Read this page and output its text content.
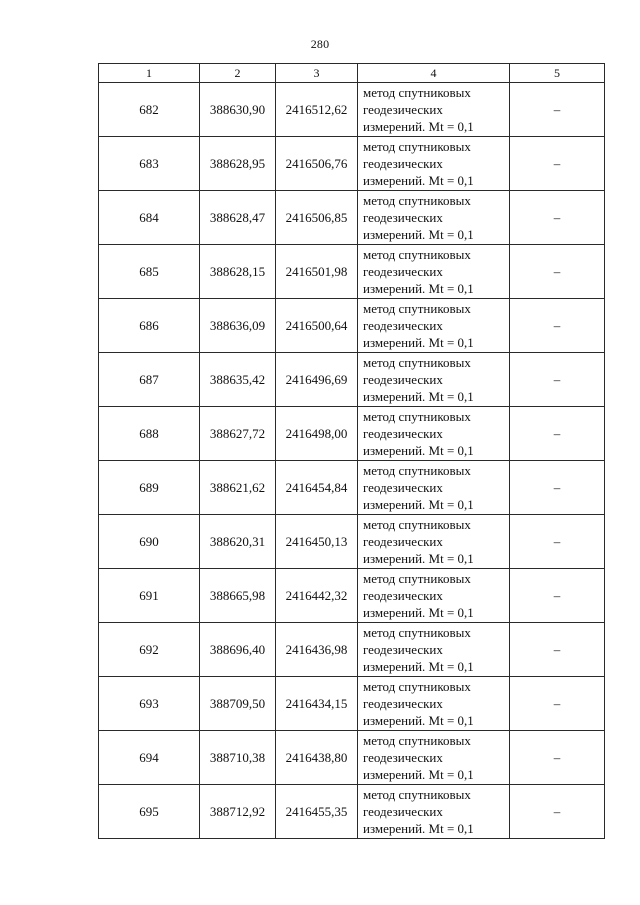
280
1	2	3	4	5
682	388630,90	2416512,62	метод спутниковых
геодезических
измерений. Mt = 0,1	–
683	388628,95	2416506,76	метод спутниковых
геодезических
измерений. Mt = 0,1	–
684	388628,47	2416506,85	метод спутниковых
геодезических
измерений. Mt = 0,1	–
685	388628,15	2416501,98	метод спутниковых
геодезических
измерений. Mt = 0,1	–
686	388636,09	2416500,64	метод спутниковых
геодезических
измерений. Mt = 0,1	–
687	388635,42	2416496,69	метод спутниковых
геодезических
измерений. Mt = 0,1	–
688	388627,72	2416498,00	метод спутниковых
геодезических
измерений. Mt = 0,1	–
689	388621,62	2416454,84	метод спутниковых
геодезических
измерений. Mt = 0,1	–
690	388620,31	2416450,13	метод спутниковых
геодезических
измерений. Mt = 0,1	–
691	388665,98	2416442,32	метод спутниковых
геодезических
измерений. Mt = 0,1	–
692	388696,40	2416436,98	метод спутниковых
геодезических
измерений. Mt = 0,1	–
693	388709,50	2416434,15	метод спутниковых
геодезических
измерений. Mt = 0,1	–
694	388710,38	2416438,80	метод спутниковых
геодезических
измерений. Mt = 0,1	–
695	388712,92	2416455,35	метод спутниковых
геодезических
измерений. Mt = 0,1	–
